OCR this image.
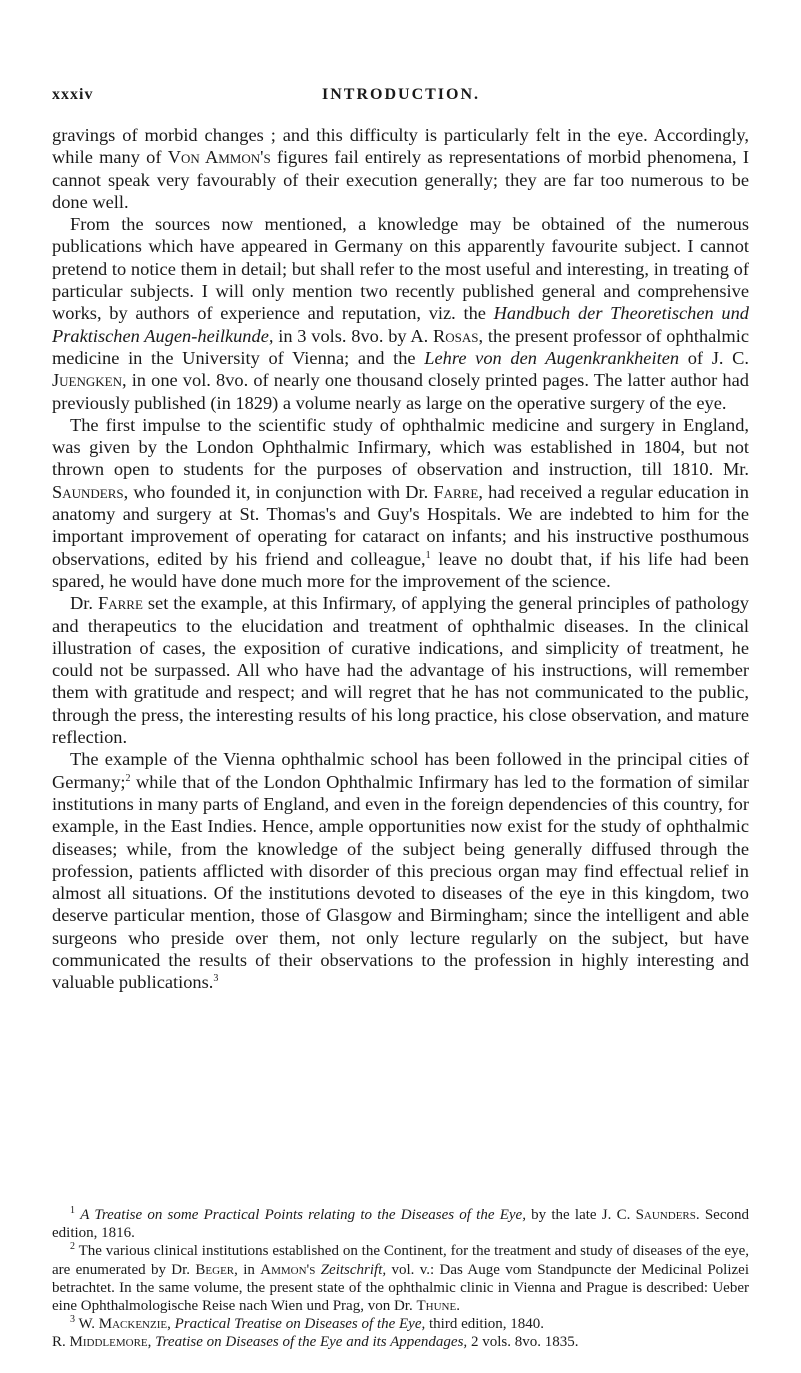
xxxiv	INTRODUCTION.

gravings of morbid changes ; and this difficulty is particularly felt in the eye. Accordingly, while many of Von Ammon's figures fail entirely as representations of morbid phenomena, I cannot speak very favourably of their execution generally; they are far too numerous to be done well.

From the sources now mentioned, a knowledge may be obtained of the numerous publications which have appeared in Germany on this apparently favourite subject. I cannot pretend to notice them in detail; but shall refer to the most useful and interesting, in treating of particular subjects. I will only mention two recently published general and comprehensive works, by authors of experience and reputation, viz. the Handbuch der Theoretischen und Praktischen Augen-heilkunde, in 3 vols. 8vo. by A. Rosas, the present professor of ophthalmic medicine in the University of Vienna; and the Lehre von den Augenkrankheiten of J. C. Juengken, in one vol. 8vo. of nearly one thousand closely printed pages. The latter author had previously published (in 1829) a volume nearly as large on the operative surgery of the eye.

The first impulse to the scientific study of ophthalmic medicine and surgery in England, was given by the London Ophthalmic Infirmary, which was established in 1804, but not thrown open to students for the purposes of observation and instruction, till 1810. Mr. Saunders, who founded it, in conjunction with Dr. Farre, had received a regular education in anatomy and surgery at St. Thomas's and Guy's Hospitals. We are indebted to him for the important improvement of operating for cataract on infants; and his instructive posthumous observations, edited by his friend and colleague,$^1$ leave no doubt that, if his life had been spared, he would have done much more for the improvement of the science.

Dr. Farre set the example, at this Infirmary, of applying the general principles of pathology and therapeutics to the elucidation and treatment of ophthalmic diseases. In the clinical illustration of cases, the exposition of curative indications, and simplicity of treatment, he could not be surpassed. All who have had the advantage of his instructions, will remember them with gratitude and respect; and will regret that he has not communicated to the public, through the press, the interesting results of his long practice, his close observation, and mature reflection.

The example of the Vienna ophthalmic school has been followed in the principal cities of Germany;$^2$ while that of the London Ophthalmic Infirmary has led to the formation of similar institutions in many parts of England, and even in the foreign dependencies of this country, for example, in the East Indies. Hence, ample opportunities now exist for the study of ophthalmic diseases; while, from the knowledge of the subject being generally diffused through the profession, patients afflicted with disorder of this precious organ may find effectual relief in almost all situations. Of the institutions devoted to diseases of the eye in this kingdom, two deserve particular mention, those of Glasgow and Birmingham; since the intelligent and able surgeons who preside over them, not only lecture regularly on the subject, but have communicated the results of their observations to the profession in highly interesting and valuable publications.$^3$

$^1$ A Treatise on some Practical Points relating to the Diseases of the Eye, by the late J. C. Saunders. Second edition, 1816.

$^2$ The various clinical institutions established on the Continent, for the treatment and study of diseases of the eye, are enumerated by Dr. Beger, in Ammon's Zeitschrift, vol. v.: Das Auge vom Standpuncte der Medicinal Polizei betrachtet. In the same volume, the present state of the ophthalmic clinic in Vienna and Prague is described: Ueber eine Ophthalmologische Reise nach Wien und Prag, von Dr. Thune.

$^3$ W. Mackenzie, Practical Treatise on Diseases of the Eye, third edition, 1840.

R. Middlemore, Treatise on Diseases of the Eye and its Appendages, 2 vols. 8vo. 1835.
